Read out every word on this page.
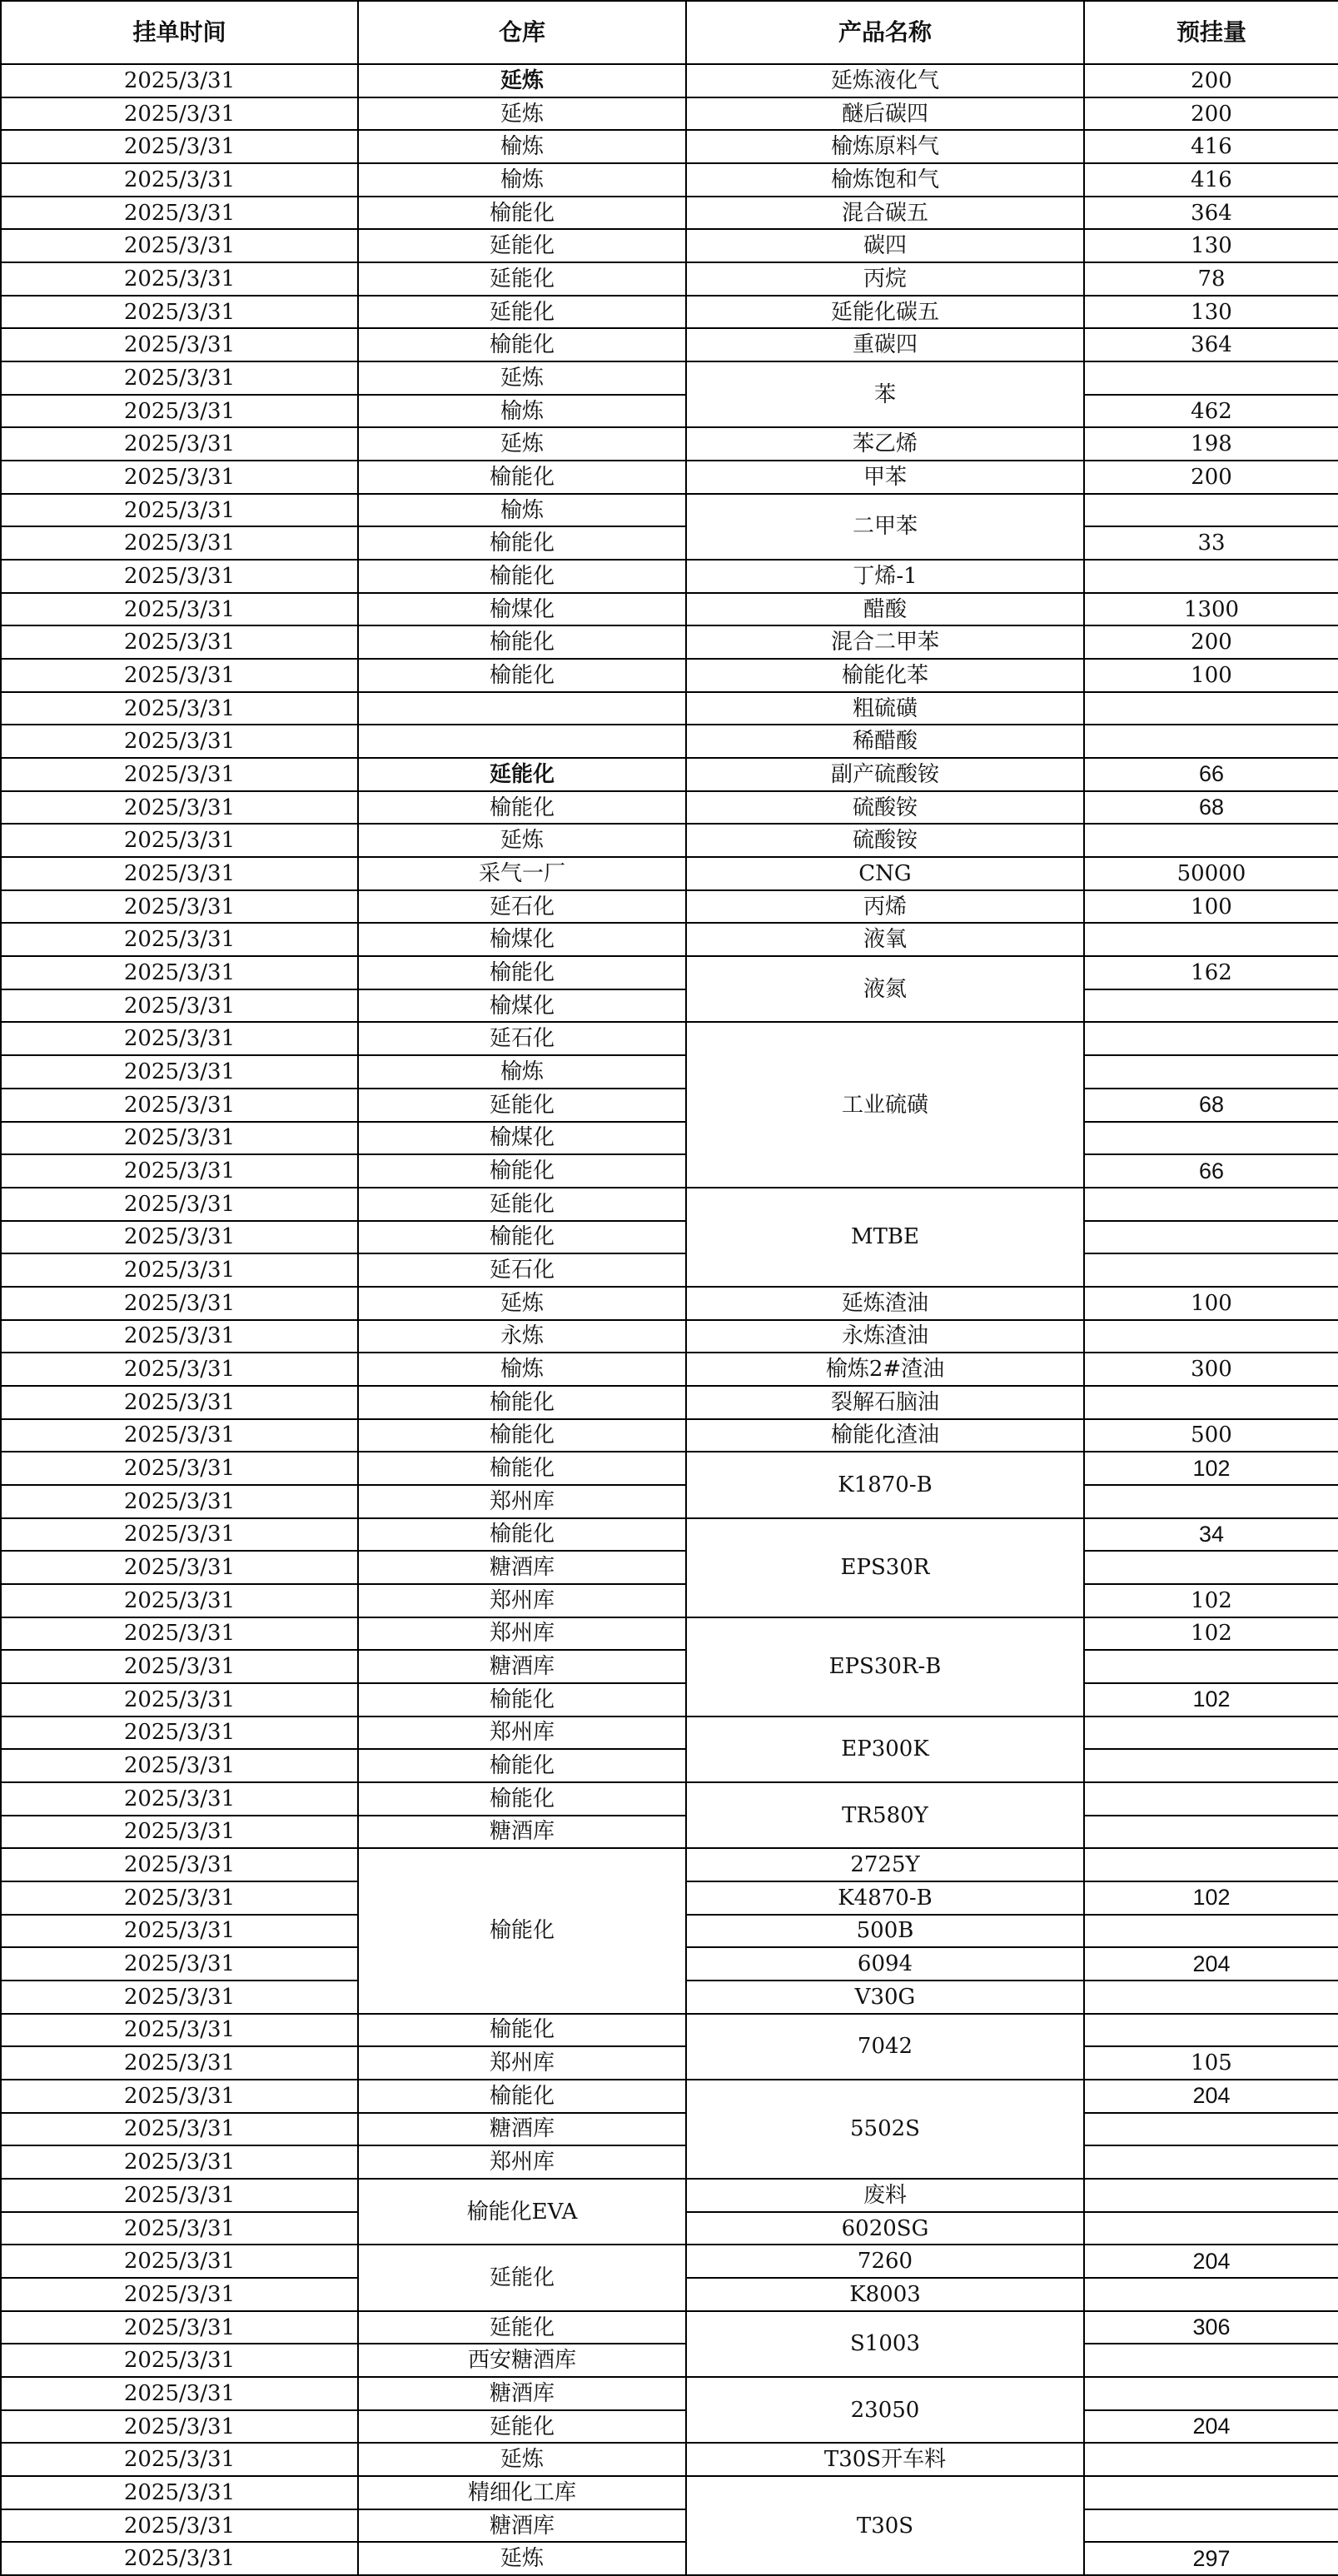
挂单时间	仓库	产品名称	预挂量
2025/3/31	延炼	延炼液化气	200
2025/3/31	延炼	醚后碳四	200
2025/3/31	榆炼	榆炼原料气	416
2025/3/31	榆炼	榆炼饱和气	416
2025/3/31	榆能化	混合碳五	364
2025/3/31	延能化	碳四	130
2025/3/31	延能化	丙烷	78
2025/3/31	延能化	延能化碳五	130
2025/3/31	榆能化	重碳四	364
2025/3/31	延炼	苯	
2025/3/31	榆炼		462
2025/3/31	延炼	苯乙烯	198
2025/3/31	榆能化	甲苯	200
2025/3/31	榆炼	二甲苯	
2025/3/31	榆能化		33
2025/3/31	榆能化	丁烯-1	
2025/3/31	榆煤化	醋酸	1300
2025/3/31	榆能化	混合二甲苯	200
2025/3/31	榆能化	榆能化苯	100
2025/3/31		粗硫磺	
2025/3/31		稀醋酸	
2025/3/31	延能化	副产硫酸铵	66
2025/3/31	榆能化	硫酸铵	68
2025/3/31	延炼	硫酸铵	
2025/3/31	采气一厂	CNG	50000
2025/3/31	延石化	丙烯	100
2025/3/31	榆煤化	液氧	
2025/3/31	榆能化	液氮	162
2025/3/31	榆煤化		
2025/3/31	延石化	工业硫磺	
2025/3/31	榆炼		
2025/3/31	延能化		68
2025/3/31	榆煤化		
2025/3/31	榆能化		66
2025/3/31	延能化	MTBE	
2025/3/31	榆能化		
2025/3/31	延石化		
2025/3/31	延炼	延炼渣油	100
2025/3/31	永炼	永炼渣油	
2025/3/31	榆炼	榆炼2#渣油	300
2025/3/31	榆能化	裂解石脑油	
2025/3/31	榆能化	榆能化渣油	500
2025/3/31	榆能化	K1870-B	102
2025/3/31	郑州库		
2025/3/31	榆能化	EPS30R	34
2025/3/31	糖酒库		
2025/3/31	郑州库		102
2025/3/31	郑州库	EPS30R-B	102
2025/3/31	糖酒库		
2025/3/31	榆能化		102
2025/3/31	郑州库	EP300K	
2025/3/31	榆能化		
2025/3/31	榆能化	TR580Y	
2025/3/31	糖酒库		
2025/3/31	榆能化	2725Y	
2025/3/31		K4870-B	102
2025/3/31		500B	
2025/3/31		6094	204
2025/3/31		V30G	
2025/3/31	榆能化	7042	
2025/3/31	郑州库		105
2025/3/31	榆能化	5502S	204
2025/3/31	糖酒库		
2025/3/31	郑州库		
2025/3/31	榆能化EVA	废料	
2025/3/31		6020SG	
2025/3/31	延能化	7260	204
2025/3/31		K8003	
2025/3/31	延能化	S1003	306
2025/3/31	西安糖酒库		
2025/3/31	糖酒库	23050	
2025/3/31	延能化		204
2025/3/31	延炼	T30S开车料	
2025/3/31	精细化工库	T30S	
2025/3/31	糖酒库		
2025/3/31	延炼		297
